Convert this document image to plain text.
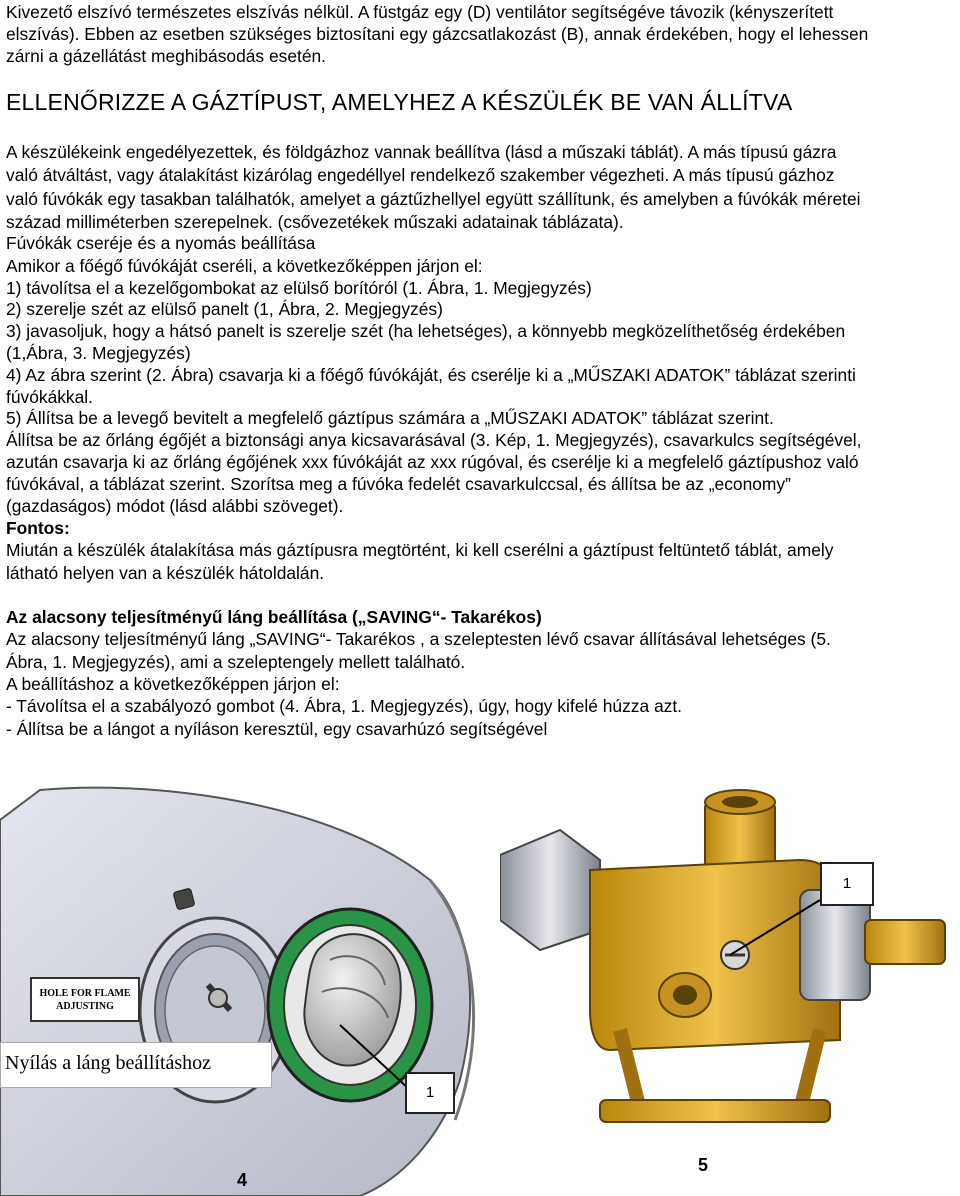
Kivezető elszívó természetes elszívás nélkül. A füstgáz egy (D) ventilátor segítségéve távozik (kényszerített
elszívás). Ebben az esetben szükséges biztosítani egy gázcsatlakozást (B), annak érdekében, hogy el lehessen
zárni a gázellátást meghibásodás esetén.
ELLENŐRIZZE A GÁZTÍPUST, AMELYHEZ A KÉSZÜLÉK BE VAN ÁLLÍTVA
A készülékeink engedélyezettek, és földgázhoz vannak beállítva (lásd a műszaki táblát). A más típusú gázra
való átváltást, vagy átalakítást kizárólag engedéllyel rendelkező szakember végezheti. A más típusú gázhoz
való fúvókák egy tasakban találhatók, amelyet a gáztűzhellyel együtt szállítunk, és amelyben a fúvókák méretei
század milliméterben szerepelnek. (csővezetékek műszaki adatainak táblázata).
Fúvókák cseréje és a nyomás beállítása
Amikor a főégő fúvókáját cseréli, a következőképpen járjon el:
1) távolítsa el a kezelőgombokat az elülső borítóról (1. Ábra, 1. Megjegyzés)
2) szerelje szét az elülső panelt (1, Ábra, 2. Megjegyzés)
3) javasoljuk, hogy a hátsó panelt is szerelje szét (ha lehetséges), a könnyebb megközelíthetőség érdekében
(1,Ábra, 3. Megjegyzés)
4) Az ábra szerint (2. Ábra) csavarja ki a főégő fúvókáját, és cserélje ki a „MŰSZAKI ADATOK” táblázat szerinti
fúvókákkal.
5) Állítsa be a levegő bevitelt a megfelelő gáztípus számára a „MŰSZAKI ADATOK” táblázat szerint.
Állítsa be az őrláng égőjét a biztonsági anya kicsavarásával (3. Kép, 1. Megjegyzés), csavarkulcs segítségével,
azután csavarja ki az őrláng égőjének xxx fúvókáját az xxx rúgóval, és cserélje ki a megfelelő gáztípushoz való
fúvókával, a táblázat szerint. Szorítsa meg a fúvóka fedelét csavarkulccsal, és állítsa be az „economy”
(gazdaságos) módot (lásd alábbi szöveget).
Fontos:
Miután a készülék átalakítása más gáztípusra megtörtént, ki kell cserélni a gáztípust feltüntető táblát, amely
látható helyen van a készülék hátoldalán.
Az alacsony teljesítményű láng beállítása („SAVING“- Takarékos)
Az alacsony teljesítményű láng „SAVING“- Takarékos , a szeleptesten lévő csavar állításával lehetséges (5.
Ábra, 1. Megjegyzés), ami a szeleptengely mellett található.
A beállításhoz a következőképpen járjon el:
- Távolítsa el a szabályozó gombot (4. Ábra, 1. Megjegyzés), úgy, hogy kifelé húzza azt.
- Állítsa be a lángot a nyíláson keresztül, egy csavarhúzó segítségével
HOLE FOR FLAME
ADJUSTING
Nyílás a láng beállításhoz
1
4
1
5
